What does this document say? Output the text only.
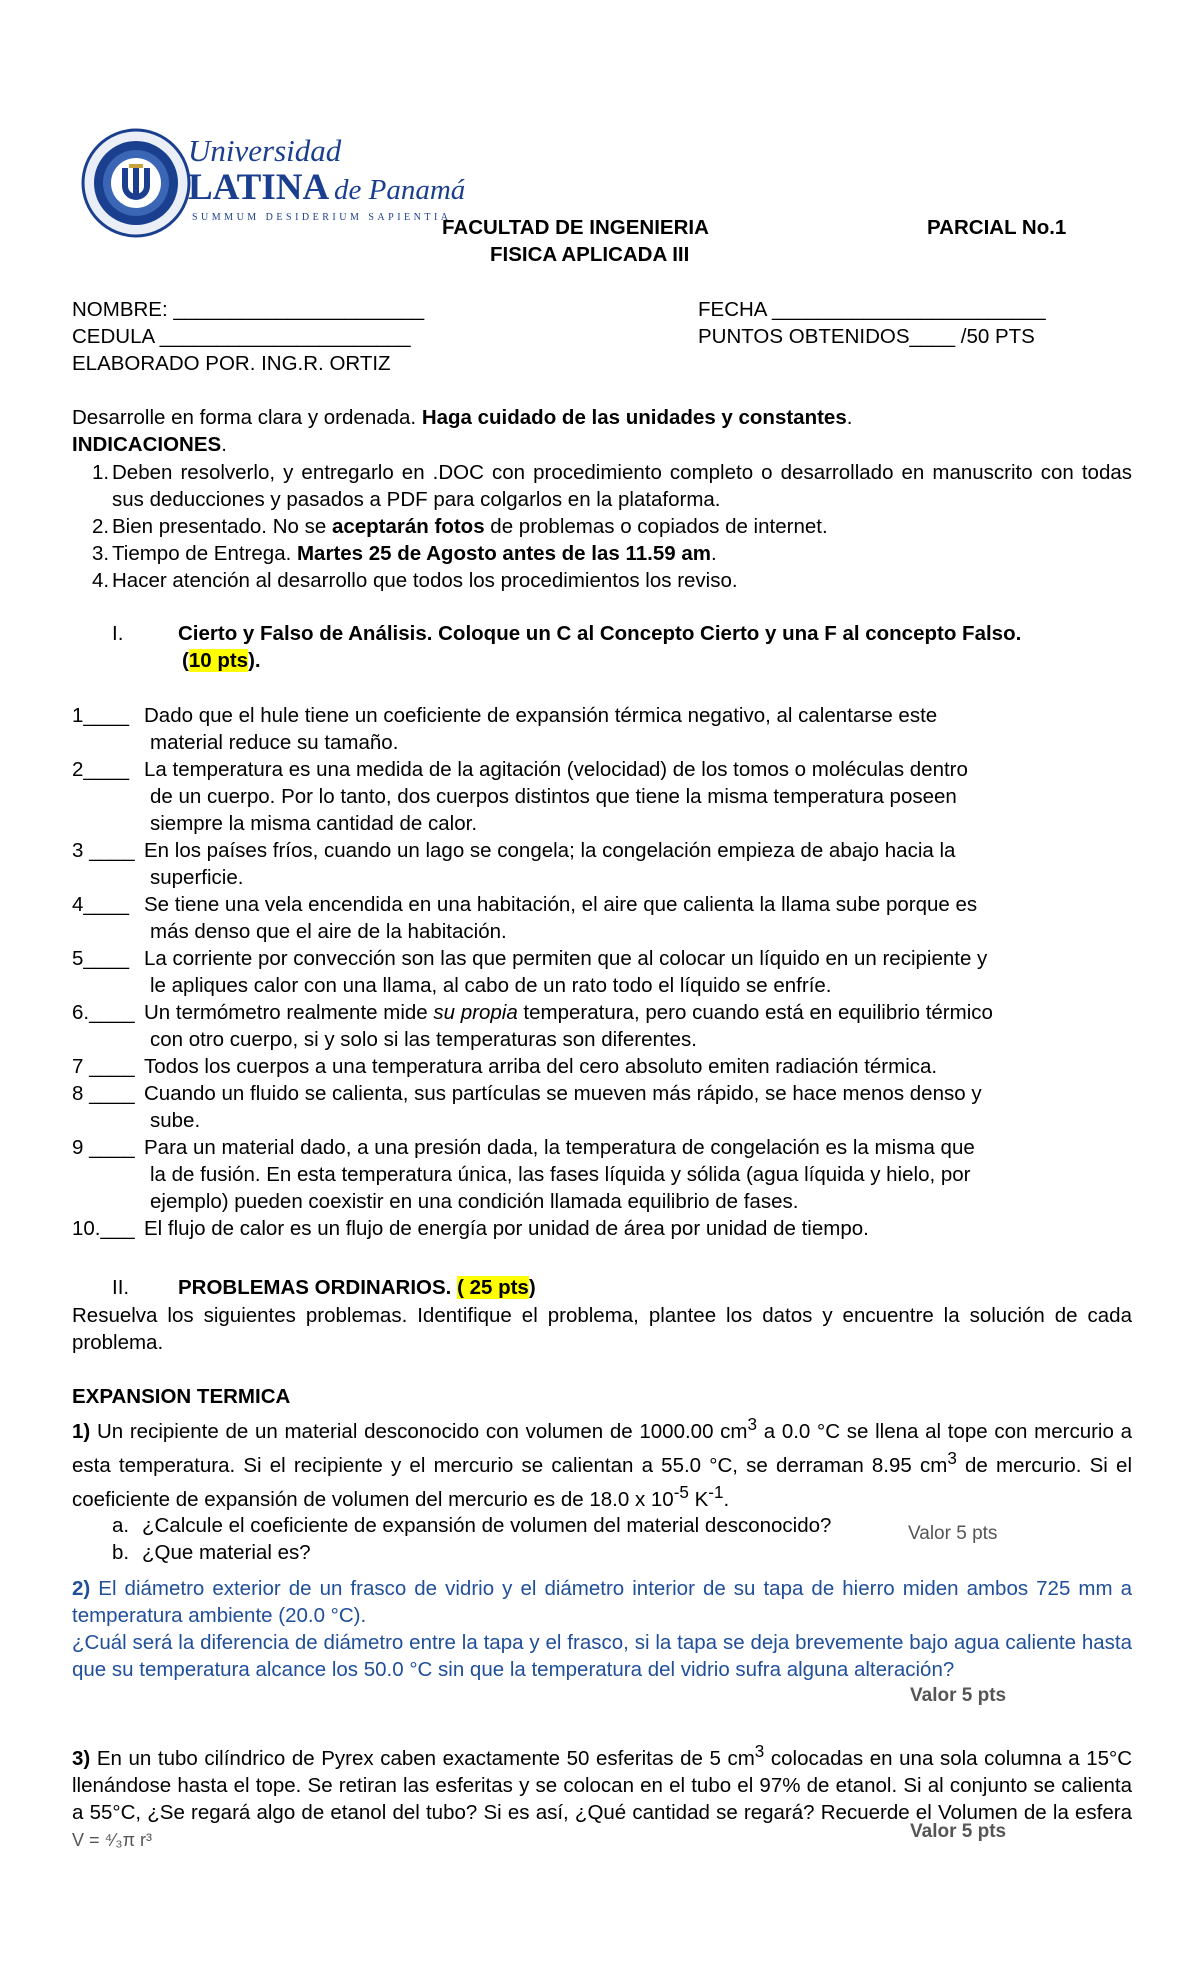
Universidad
LATINA de Panamá
SUMMUM DESIDERIUM SAPIENTIA
FACULTAD DE INGENIERIA	PARCIAL No.1
FISICA APLICADA III
NOMBRE: ______________________	FECHA ________________________
CEDULA ______________________	PUNTOS OBTENIDOS____ /50 PTS
ELABORADO POR. ING.R. ORTIZ
Desarrolle en forma clara y ordenada. Haga cuidado de las unidades y constantes.
INDICACIONES.
1. Deben resolverlo, y entregarlo en .DOC con procedimiento completo o desarrollado en manuscrito con todas sus deducciones y pasados a PDF para colgarlos en la plataforma.
2. Bien presentado. No se aceptarán fotos de problemas o copiados de internet.
3. Tiempo de Entrega. Martes 25 de Agosto antes de las 11.59 am.
4. Hacer atención al desarrollo que todos los procedimientos los reviso.
I.	Cierto y Falso de Análisis. Coloque un C al Concepto Cierto y una F al concepto Falso.
(10 pts).
1____ Dado que el hule tiene un coeficiente de expansión térmica negativo, al calentarse este
material reduce su tamaño.
2____ La temperatura es una medida de la agitación (velocidad) de los tomos o moléculas dentro
de un cuerpo. Por lo tanto, dos cuerpos distintos que tiene la misma temperatura poseen
siempre la misma cantidad de calor.
3 ____ En los países fríos, cuando un lago se congela; la congelación empieza de abajo hacia la
superficie.
4____ Se tiene una vela encendida en una habitación, el aire que calienta la llama sube porque es
más denso que el aire de la habitación.
5____ La corriente por convección son las que permiten que al colocar un líquido en un recipiente y
le apliques calor con una llama, al cabo de un rato todo el líquido se enfríe.
6.____ Un termómetro realmente mide su propia temperatura, pero cuando está en equilibrio térmico
con otro cuerpo, si y solo si las temperaturas son diferentes.
7 ____ Todos los cuerpos a una temperatura arriba del cero absoluto emiten radiación térmica.
8 ____ Cuando un fluido se calienta, sus partículas se mueven más rápido, se hace menos denso y
sube.
9 ____ Para un material dado, a una presión dada, la temperatura de congelación es la misma que
la de fusión. En esta temperatura única, las fases líquida y sólida (agua líquida y hielo, por
ejemplo) pueden coexistir en una condición llamada equilibrio de fases.
10.___ El flujo de calor es un flujo de energía por unidad de área por unidad de tiempo.
II. PROBLEMAS ORDINARIOS. ( 25 pts)
Resuelva los siguientes problemas. Identifique el problema, plantee los datos y encuentre la solución de cada problema.
EXPANSION TERMICA
1) Un recipiente de un material desconocido con volumen de 1000.00 $cm^3$ a 0.0 °C se llena al tope con mercurio a esta temperatura. Si el recipiente y el mercurio se calientan a 55.0 °C, se derraman 8.95 $cm^3$ de mercurio. Si el coeficiente de expansión de volumen del mercurio es de 18.0 x $10^{-5}$ $K^{-1}$.
a. ¿Calcule el coeficiente de expansión de volumen del material desconocido?
b. ¿Que material es?
Valor 5 pts
2) El diámetro exterior de un frasco de vidrio y el diámetro interior de su tapa de hierro miden ambos 725 mm a temperatura ambiente (20.0 °C).
¿Cuál será la diferencia de diámetro entre la tapa y el frasco, si la tapa se deja brevemente bajo agua caliente hasta que su temperatura alcance los 50.0 °C sin que la temperatura del vidrio sufra alguna alteración?
Valor 5 pts
3) En un tubo cilíndrico de Pyrex caben exactamente 50 esferitas de 5 $cm^3$ colocadas en una sola columna a 15°C llenándose hasta el tope. Se retiran las esferitas y se colocan en el tubo el 97% de etanol. Si al conjunto se calienta a 55°C, ¿Se regará algo de etanol del tubo? Si es así, ¿Qué cantidad se regará? Recuerde el Volumen de la esfera V = ⁴⁄₃π r³	Valor 5 pts
